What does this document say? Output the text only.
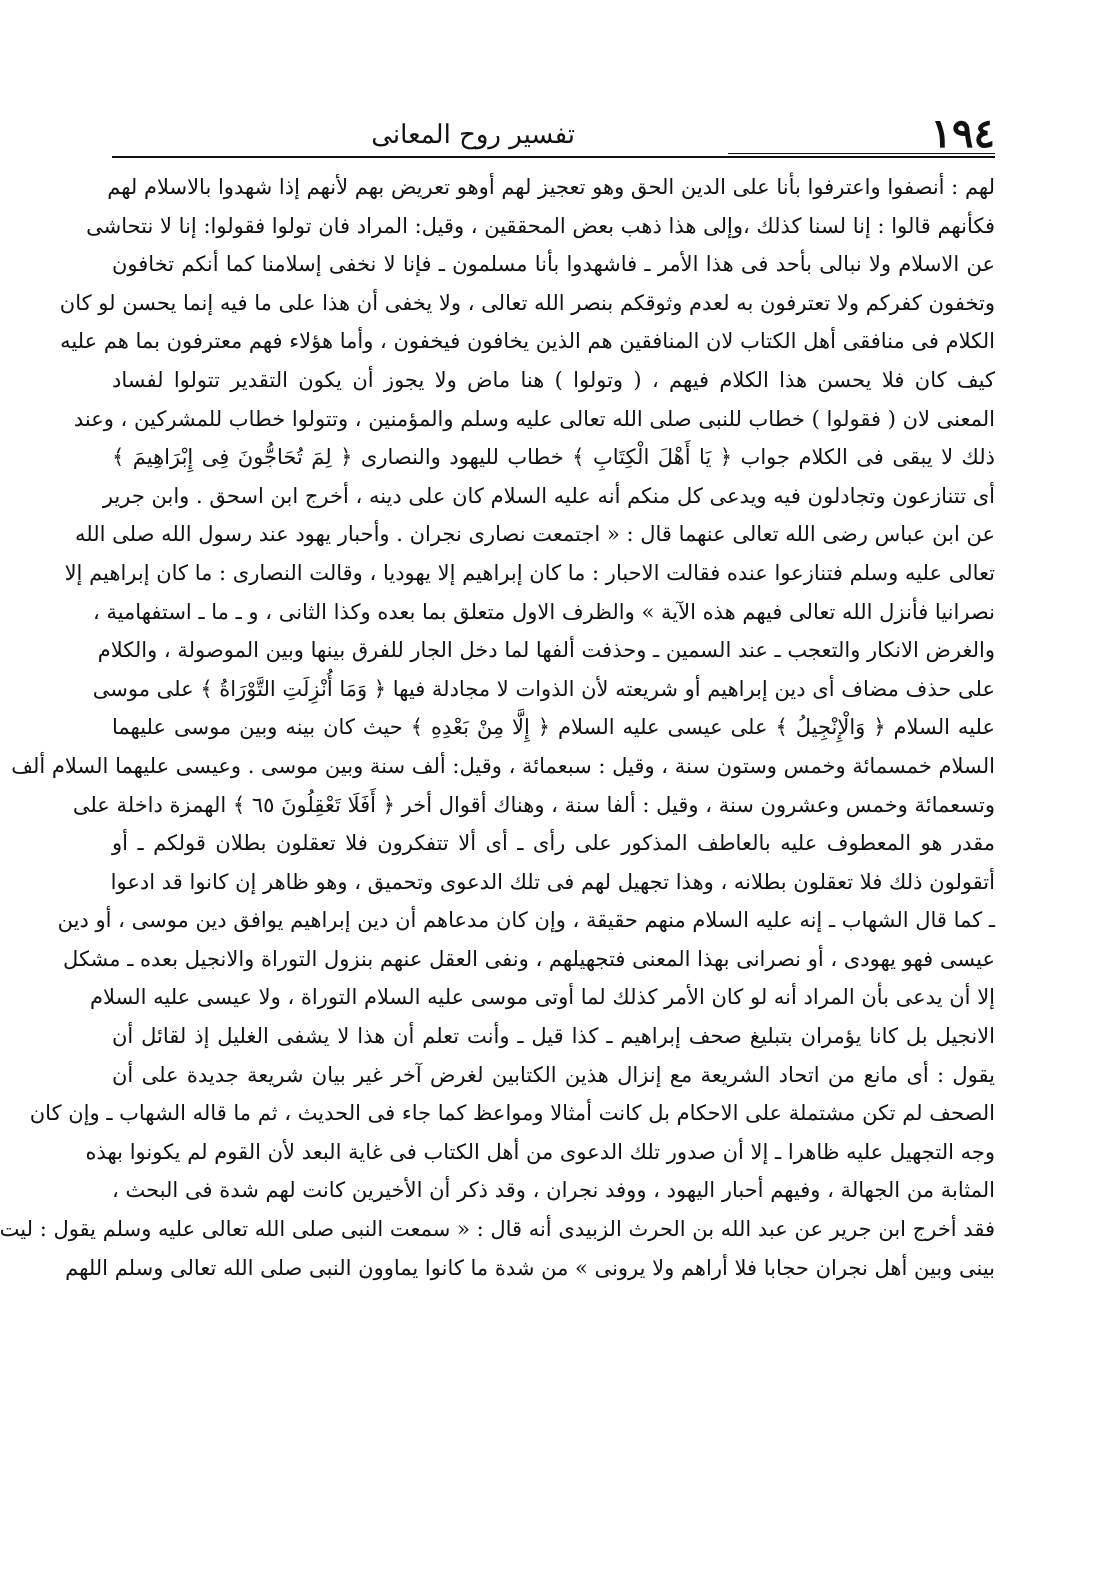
١٩٤
تفسير روح المعانى
لهم : أنصفوا واعترفوا بأنا على الدين الحق وهو تعجيز لهم أوهو تعريض بهم لأنهم إذا شهدوا بالاسلام لهم
فكأنهم قالوا : إنا لسنا كذلك ،وإلى هذا ذهب بعض المحققين ، وقيل: المراد فان تولوا فقولوا: إنا لا نتحاشى
عن الاسلام ولا نبالى بأحد فى هذا الأمر ـ فاشهدوا بأنا مسلمون ـ فإنا لا نخفى إسلامنا كما أنكم تخافون
وتخفون كفركم ولا تعترفون به لعدم وثوقكم بنصر الله تعالى ، ولا يخفى أن هذا على ما فيه إنما يحسن لو كان
الكلام فى منافقى أهل الكتاب لان المنافقين هم الذين يخافون فيخفون ، وأما هؤلاء فهم معترفون بما هم عليه
كيف كان فلا يحسن هذا الكلام فيهم ، ( وتولوا ) هنا ماض ولا يجوز أن يكون التقدير تتولوا لفساد
المعنى لان ( فقولوا ) خطاب للنبى صلى الله تعالى عليه وسلم والمؤمنين ، وتتولوا خطاب للمشركين ، وعند
ذلك لا يبقى فى الكلام جواب ﴿ يَا أَهْلَ الْكِتَابِ ﴾ خطاب لليهود والنصارى ﴿ لِمَ تُحَاجُّونَ فِى إِبْرَاهِيمَ ﴾
أى تتنازعون وتجادلون فيه ويدعى كل منكم أنه عليه السلام كان على دينه ، أخرج ابن اسحق . وابن جرير
عن ابن عباس رضى الله تعالى عنهما قال : « اجتمعت نصارى نجران . وأحبار يهود عند رسول الله صلى الله
تعالى عليه وسلم فتنازعوا عنده فقالت الاحبار : ما كان إبراهيم إلا يهوديا ، وقالت النصارى : ما كان إبراهيم إلا
نصرانيا فأنزل الله تعالى فيهم هذه الآية » والظرف الاول متعلق بما بعده وكذا الثانى ، و ـ ما ـ استفهامية ،
والغرض الانكار والتعجب ـ عند السمين ـ وحذفت ألفها لما دخل الجار للفرق بينها وبين الموصولة ، والكلام
على حذف مضاف أى دين إبراهيم أو شريعته لأن الذوات لا مجادلة فيها ﴿ وَمَا أُنْزِلَتِ التَّوْرَاةُ ﴾ على موسى
عليه السلام ﴿ وَالْإِنْجِيلُ ﴾ على عيسى عليه السلام ﴿ إِلَّا مِنْ بَعْدِهِ ﴾ حيث كان بينه وبين موسى عليهما
السلام خمسمائة وخمس وستون سنة ، وقيل : سبعمائة ، وقيل: ألف سنة وبين موسى . وعيسى عليهما السلام ألف
وتسعمائة وخمس وعشرون سنة ، وقيل : ألفا سنة ، وهناك أقوال أخر ﴿ أَفَلَا تَعْقِلُونَ ٦٥ ﴾ الهمزة داخلة على
مقدر هو المعطوف عليه بالعاطف المذكور على رأى ـ أى ألا تتفكرون فلا تعقلون بطلان قولكم ـ أو
أتقولون ذلك فلا تعقلون بطلانه ، وهذا تجهيل لهم فى تلك الدعوى وتحميق ، وهو ظاهر إن كانوا قد ادعوا
ـ كما قال الشهاب ـ إنه عليه السلام منهم حقيقة ، وإن كان مدعاهم أن دين إبراهيم يوافق دين موسى ، أو دين
عيسى فهو يهودى ، أو نصرانى بهذا المعنى فتجهيلهم ، ونفى العقل عنهم بنزول التوراة والانجيل بعده ـ مشكل
إلا أن يدعى بأن المراد أنه لو كان الأمر كذلك لما أوتى موسى عليه السلام التوراة ، ولا عيسى عليه السلام
الانجيل بل كانا يؤمران بتبليغ صحف إبراهيم ـ كذا قيل ـ وأنت تعلم أن هذا لا يشفى الغليل إذ لقائل أن
يقول : أى مانع من اتحاد الشريعة مع إنزال هذين الكتابين لغرض آخر غير بيان شريعة جديدة على أن
الصحف لم تكن مشتملة على الاحكام بل كانت أمثالا ومواعظ كما جاء فى الحديث ، ثم ما قاله الشهاب ـ وإن كان
وجه التجهيل عليه ظاهرا ـ إلا أن صدور تلك الدعوى من أهل الكتاب فى غاية البعد لأن القوم لم يكونوا بهذه
المثابة من الجهالة ، وفيهم أحبار اليهود ، ووفد نجران ، وقد ذكر أن الأخيرين كانت لهم شدة فى البحث ،
فقد أخرج ابن جرير عن عبد الله بن الحرث الزبيدى أنه قال : « سمعت النبى صلى الله تعالى عليه وسلم يقول : ليت
بينى وبين أهل نجران حجابا فلا أراهم ولا يرونى » من شدة ما كانوا يماوون النبى صلى الله تعالى وسلم اللهم
